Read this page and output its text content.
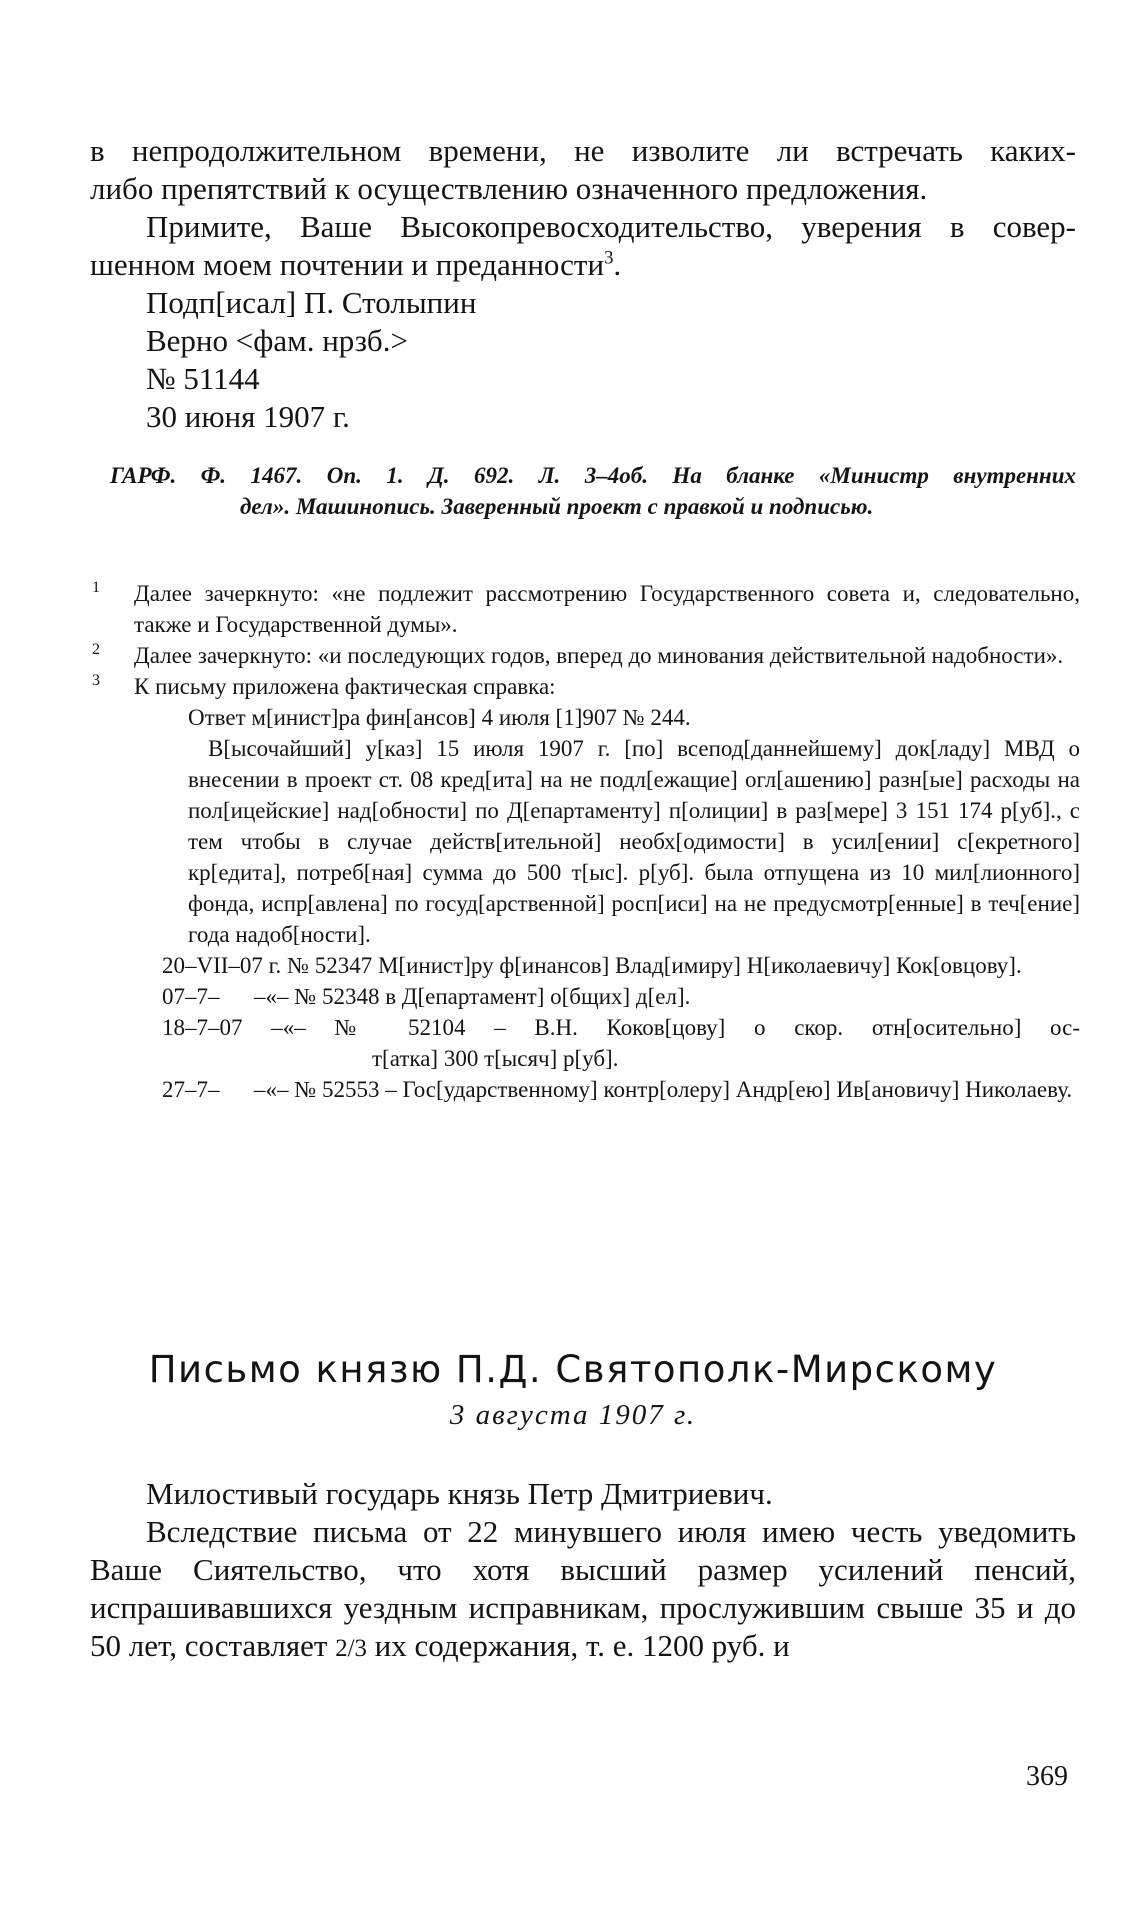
в непродолжительном времени, не изволите ли встречать каких-

либо препятствий к осуществлению означенного предложения.

Примите, Ваше Высокопревосходительство, уверения в совер-

шенном моем почтении и преданности$^3$.

Подп[исал] П. Столыпин
Верно <фам. нрзб.>
№ 51144
30 июня 1907 г.

ГАРФ. Ф. 1467. Оп. 1. Д. 692. Л. 3–4об. На бланке «Министр внутренних

дел». Машинопись. Заверенный проект с правкой и подписью.

1 Далее зачеркнуто: «не подлежит рассмотрению Государственного совета и, следовательно, также и Государственной думы».

2 Далее зачеркнуто: «и последующих годов, вперед до минования действительной надобности».

3 К письму приложена фактическая справка:

Ответ м[инист]ра фин[ансов] 4 июля [1]907 № 244.

В[ысочайший] у[каз] 15 июля 1907 г. [по] всепод[даннейшему] док[ладу] МВД о внесении в проект ст. 08 кред[ита] на не подл[ежащие] огл[ашению] разн[ые] расходы на пол[ицейские] над[обности] по Д[епартаменту] п[олиции] в раз[мере] 3 151 174 р[уб]., с тем чтобы в случае действ[ительной] необх[одимости] в усил[ении] с[екретного] кр[едита], потреб[ная] сумма до 500 т[ыс]. р[уб]. была отпущена из 10 мил[лионного] фонда, испр[авлена] по госуд[арственной] росп[иси] на не предусмотр[енные] в теч[ение] года надоб[ности].

20–VII–07 г. № 52347 М[инист]ру ф[инансов] Влад[имиру] Н[иколаевичу] Кок[овцову].

07–7–      –«– № 52348 в Д[епартамент] о[бщих] д[ел].

18–7–07 –«– № 52104 – В.Н. Коков[цову] о скор. отн[осительно] ос-

т[атка] 300 т[ысяч] р[уб].

27–7–      –«– № 52553 – Гос[ударственному] контр[олеру] Андр[ею] Ив[ановичу] Николаеву.

Письмо князю П.Д. Святополк-Мирскому
3 августа 1907 г.

Милостивый государь князь Петр Дмитриевич.

Вследствие письма от 22 минувшего июля имею честь уведомить Ваше Сиятельство, что хотя высший размер усилений пенсий, испрашивавшихся уездным исправникам, прослужившим свыше 35 и до 50 лет, составляет 2/3 их содержания, т. е. 1200 руб. и

369
